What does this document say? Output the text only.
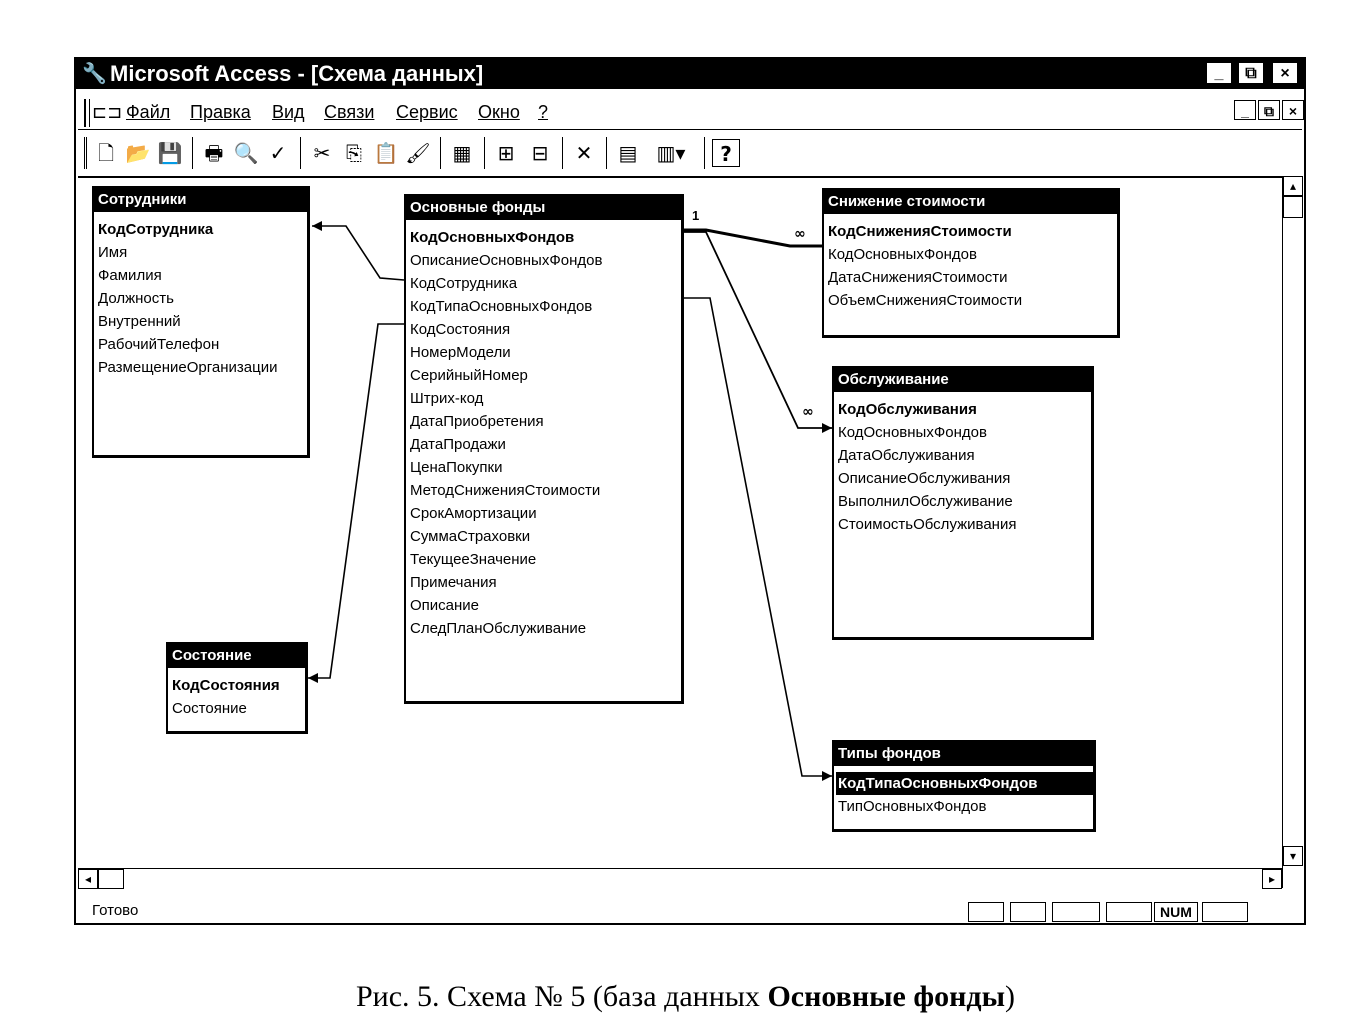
🔧 Microsoft Access - [Схема данных]	_	⧉	×
⊏⊐ Файл Правка Вид Связи Сервис Окно ?	_	⧉	×
🗋 📂 💾 🖶 🔍 ✓ ✂ ⎘ 📋 🖌 ▦ ⊞ ⊟ ✕ ▤ ▥▾	?
Сотрудники
КодСотрудника
Имя
Фамилия
Должность
Внутренний
РабочийТелефон
РазмещениеОрганизации
Основные фонды
КодОсновныхФондов
ОписаниеОсновныхФондов
КодСотрудника
КодТипаОсновныхФондов
КодСостояния
НомерМодели
СерийныйНомер
Штрих-код
ДатаПриобретения
ДатаПродажи
ЦенаПокупки
МетодСниженияСтоимости
СрокАмортизации
СуммаСтраховки
ТекущееЗначение
Примечания
Описание
СледПланОбслуживание
Снижение стоимости
КодСниженияСтоимости
КодОсновныхФондов
ДатаСниженияСтоимости
ОбъемСниженияСтоимости
Обслуживание
КодОбслуживания
КодОсновныхФондов
ДатаОбслуживания
ОписаниеОбслуживания
ВыполнилОбслуживание
СтоимостьОбслуживания
Состояние
КодСостояния
Состояние
Типы фондов
КодТипаОсновныхФондов
ТипОсновныхФондов
1
∞
∞
▴
▾
◂	▸
Готово	NUM
Рис. 5. Схема № 5 (база данных Основные фонды)
